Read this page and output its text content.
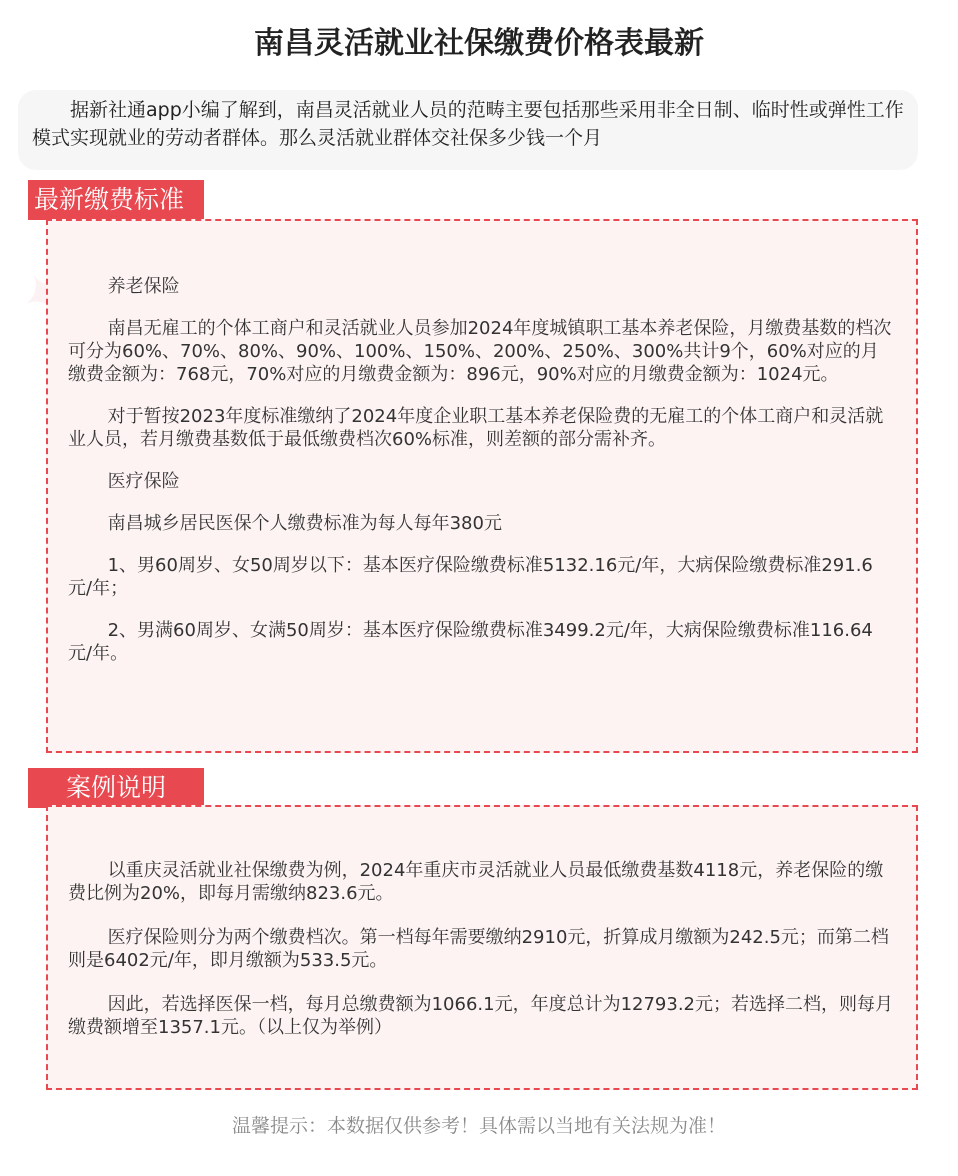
南昌灵活就业社保缴费价格表最新
据新社通app小编了解到，南昌灵活就业人员的范畴主要包括那些采用非全日制、临时性或弹性工作模式实现就业的劳动者群体。那么灵活就业群体交社保多少钱一个月
最新缴费标准

养老保险

南昌无雇工的个体工商户和灵活就业人员参加2024年度城镇职工基本养老保险，月缴费基数的档次可分为60%、70%、80%、90%、100%、150%、200%、250%、300%共计9个，60%对应的月缴费金额为：768元，70%对应的月缴费金额为：896元，90%对应的月缴费金额为：1024元。

对于暂按2023年度标准缴纳了2024年度企业职工基本养老保险费的无雇工的个体工商户和灵活就业人员，若月缴费基数低于最低缴费档次60%标准，则差额的部分需补齐。

医疗保险

南昌城乡居民医保个人缴费标准为每人每年380元

1、男60周岁、女50周岁以下：基本医疗保险缴费标准5132.16元/年，大病保险缴费标准291.6元/年；

2、男满60周岁、女满50周岁：基本医疗保险缴费标准3499.2元/年，大病保险缴费标准116.64元/年。

案例说明

以重庆灵活就业社保缴费为例，2024年重庆市灵活就业人员最低缴费基数4118元，养老保险的缴费比例为20%，即每月需缴纳823.6元。

医疗保险则分为两个缴费档次。第一档每年需要缴纳2910元，折算成月缴额为242.5元；而第二档则是6402元/年，即月缴额为533.5元。

因此，若选择医保一档，每月总缴费额为1066.1元，年度总计为12793.2元；若选择二档，则每月缴费额增至1357.1元。（以上仅为举例）

温馨提示：本数据仅供参考！具体需以当地有关法规为准！
